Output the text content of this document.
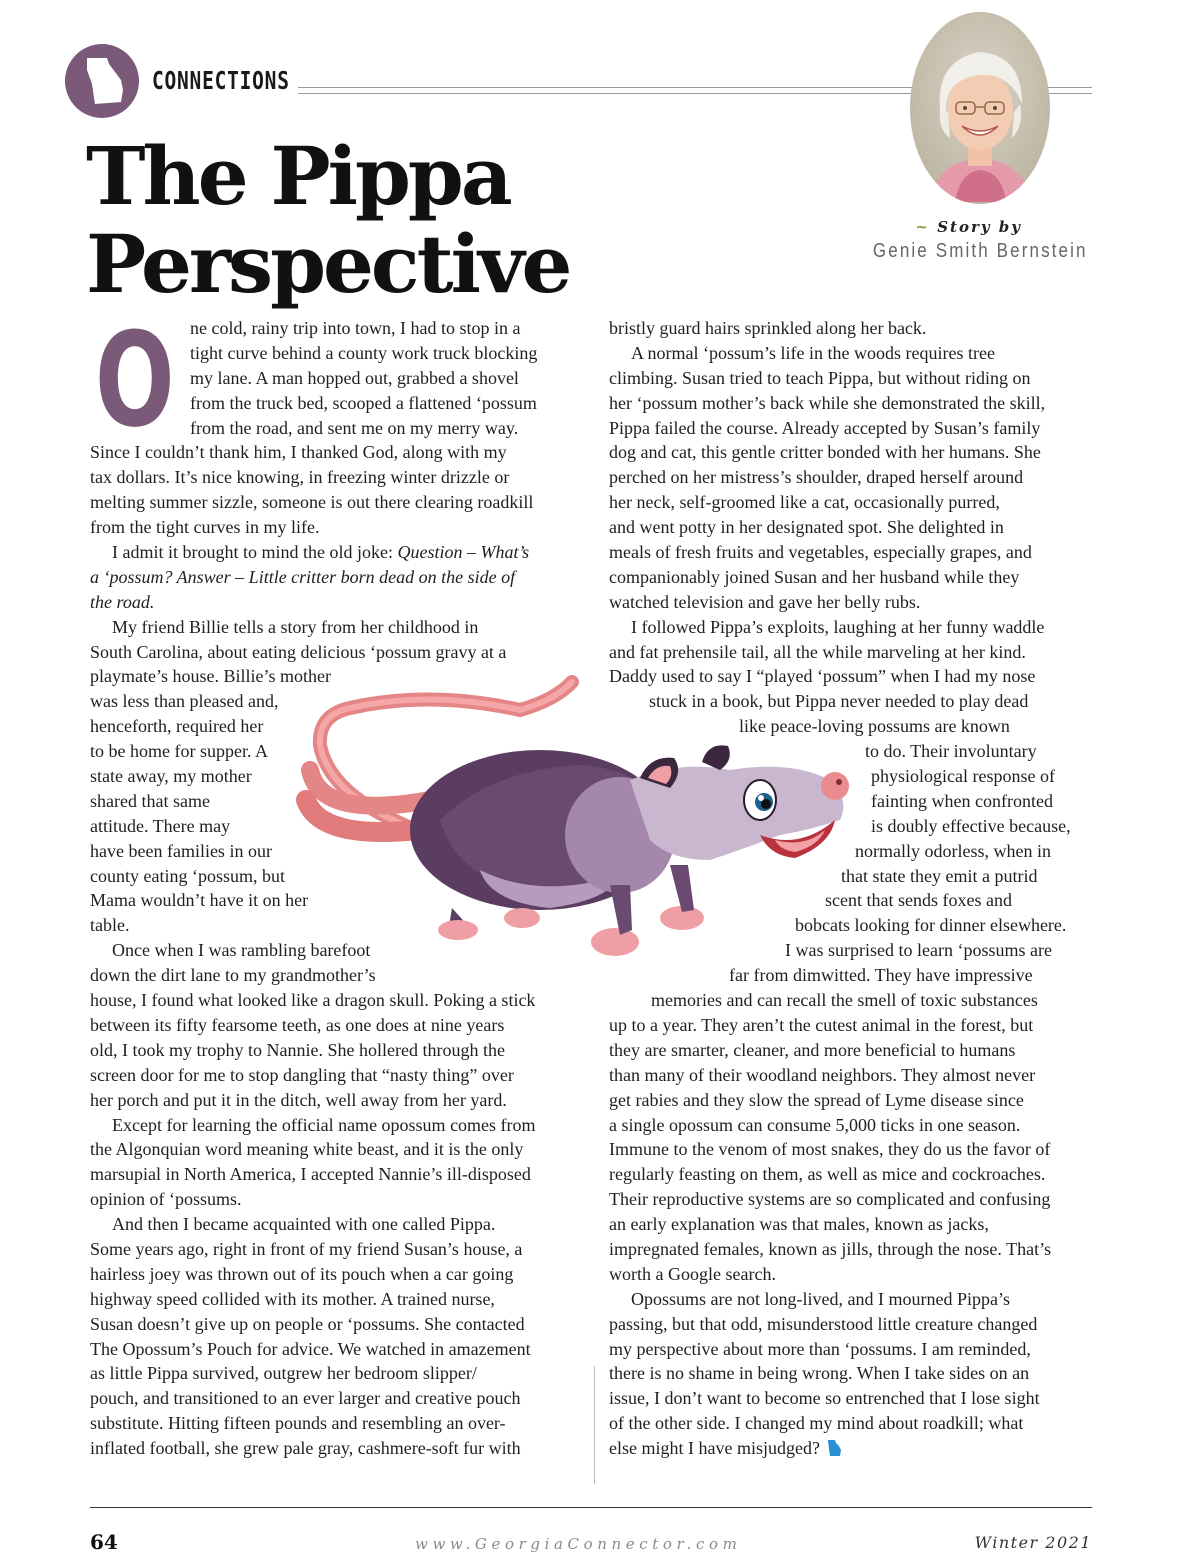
CONNECTIONS
The Pippa
Perspective	~ Story by
Genie Smith Bernstein
O ne cold, rainy trip into town, I had to stop in a
tight curve behind a county work truck blocking
my lane. A man hopped out, grabbed a shovel
from the truck bed, scooped a flattened ‘possum
from the road, and sent me on my merry way.
Since I couldn’t thank him, I thanked God, along with my
tax dollars. It’s nice knowing, in freezing winter drizzle or
melting summer sizzle, someone is out there clearing roadkill
from the tight curves in my life.
I admit it brought to mind the old joke: Question – What’s
a ‘possum? Answer – Little critter born dead on the side of
the road.
My friend Billie tells a story from her childhood in
South Carolina, about eating delicious ‘possum gravy at a
playmate’s house. Billie’s mother
was less than pleased and,
henceforth, required her
to be home for supper. A
state away, my mother
shared that same
attitude. There may
have been families in our
county eating ‘possum, but
Mama wouldn’t have it on her
table.
Once when I was rambling barefoot
down the dirt lane to my grandmother’s
house, I found what looked like a dragon skull. Poking a stick
between its fifty fearsome teeth, as one does at nine years
old, I took my trophy to Nannie. She hollered through the
screen door for me to stop dangling that “nasty thing” over
her porch and put it in the ditch, well away from her yard.
Except for learning the official name opossum comes from
the Algonquian word meaning white beast, and it is the only
marsupial in North America, I accepted Nannie’s ill-disposed
opinion of ‘possums.
And then I became acquainted with one called Pippa.
Some years ago, right in front of my friend Susan’s house, a
hairless joey was thrown out of its pouch when a car going
highway speed collided with its mother. A trained nurse,
Susan doesn’t give up on people or ‘possums. She contacted
The Opossum’s Pouch for advice. We watched in amazement
as little Pippa survived, outgrew her bedroom slipper/
pouch, and transitioned to an ever larger and creative pouch
substitute. Hitting fifteen pounds and resembling an over-
inflated football, she grew pale gray, cashmere-soft fur with
bristly guard hairs sprinkled along her back.
A normal ‘possum’s life in the woods requires tree
climbing. Susan tried to teach Pippa, but without riding on
her ‘possum mother’s back while she demonstrated the skill,
Pippa failed the course. Already accepted by Susan’s family
dog and cat, this gentle critter bonded with her humans. She
perched on her mistress’s shoulder, draped herself around
her neck, self-groomed like a cat, occasionally purred,
and went potty in her designated spot. She delighted in
meals of fresh fruits and vegetables, especially grapes, and
companionably joined Susan and her husband while they
watched television and gave her belly rubs.
I followed Pippa’s exploits, laughing at her funny waddle
and fat prehensile tail, all the while marveling at her kind.
Daddy used to say I “played ‘possum” when I had my nose
stuck in a book, but Pippa never needed to play dead
like peace-loving possums are known
to do. Their involuntary
physiological response of
fainting when confronted
is doubly effective because,
normally odorless, when in
that state they emit a putrid
scent that sends foxes and
bobcats looking for dinner elsewhere.
I was surprised to learn ‘possums are
far from dimwitted. They have impressive
memories and can recall the smell of toxic substances
up to a year. They aren’t the cutest animal in the forest, but
they are smarter, cleaner, and more beneficial to humans
than many of their woodland neighbors. They almost never
get rabies and they slow the spread of Lyme disease since
a single opossum can consume 5,000 ticks in one season.
Immune to the venom of most snakes, they do us the favor of
regularly feasting on them, as well as mice and cockroaches.
Their reproductive systems are so complicated and confusing
an early explanation was that males, known as jacks,
impregnated females, known as jills, through the nose. That’s
worth a Google search.
Opossums are not long-lived, and I mourned Pippa’s
passing, but that odd, misunderstood little creature changed
my perspective about more than ‘possums. I am reminded,
there is no shame in being wrong. When I take sides on an
issue, I don’t want to become so entrenched that I lose sight
of the other side. I changed my mind about roadkill; what
else might I have misjudged?
64	www.GeorgiaConnector.com	Winter 2021
